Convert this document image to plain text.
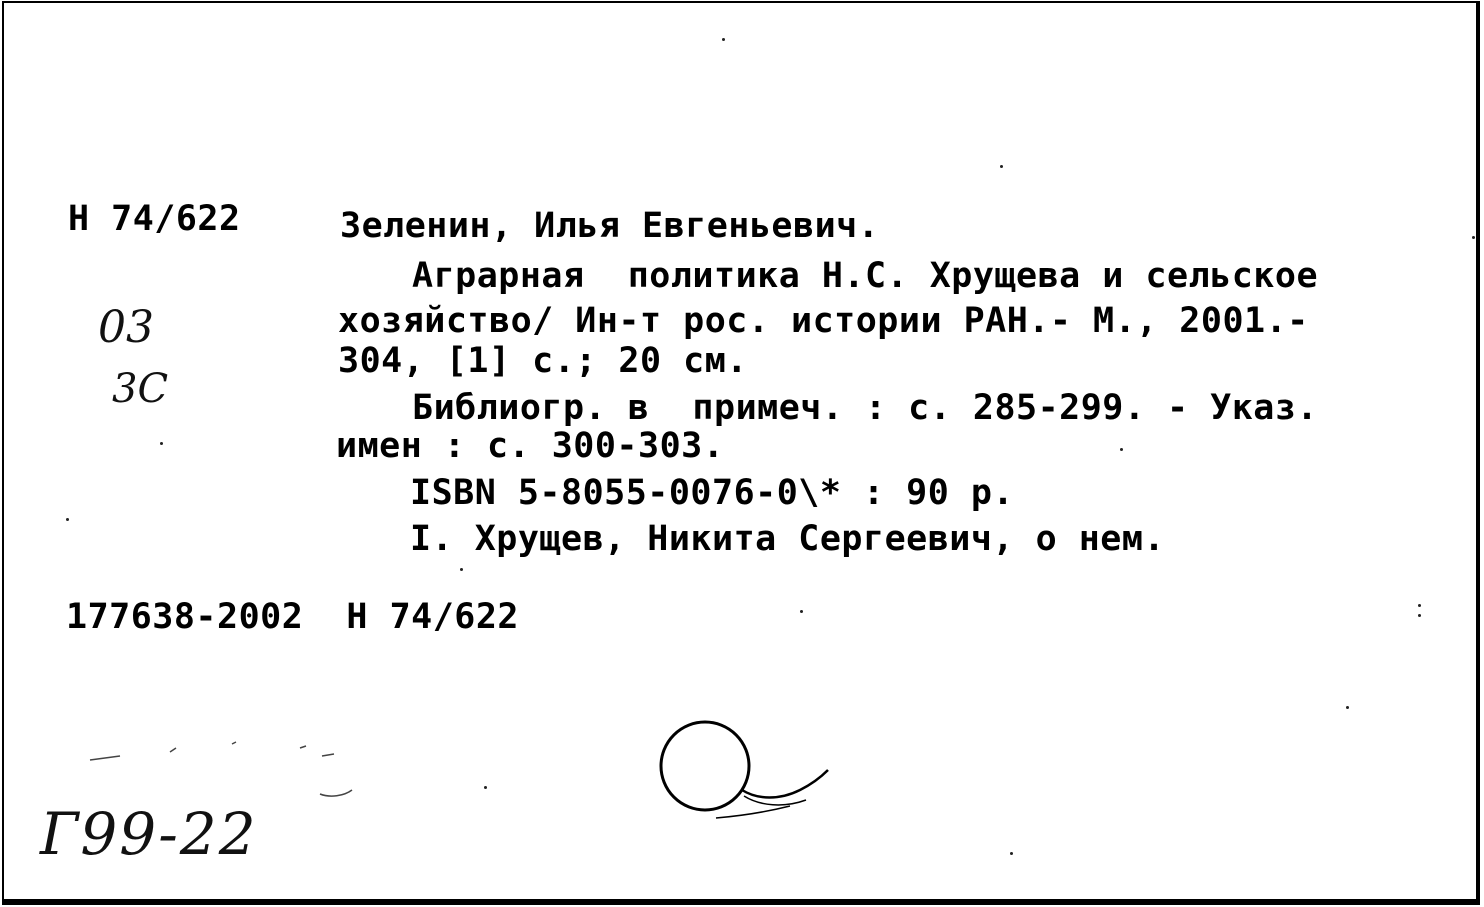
Н 74/622	Зеленин, Илья Евгеньевич.
Аграрная  политика Н.С. Хрущева и сельское
хозяйство/ Ин-т рос. истории РАН.- М., 2001.-
304, [1] с.; 20 см.
Библиогр. в  примеч. : с. 285-299. - Указ.
имен : с. 300-303.
ISBN 5-8055-0076-0\* : 90 р.
I. Хрущев, Никита Сергеевич, о нем.
177638-2002  Н 74/622
03
3С
Г99-22
